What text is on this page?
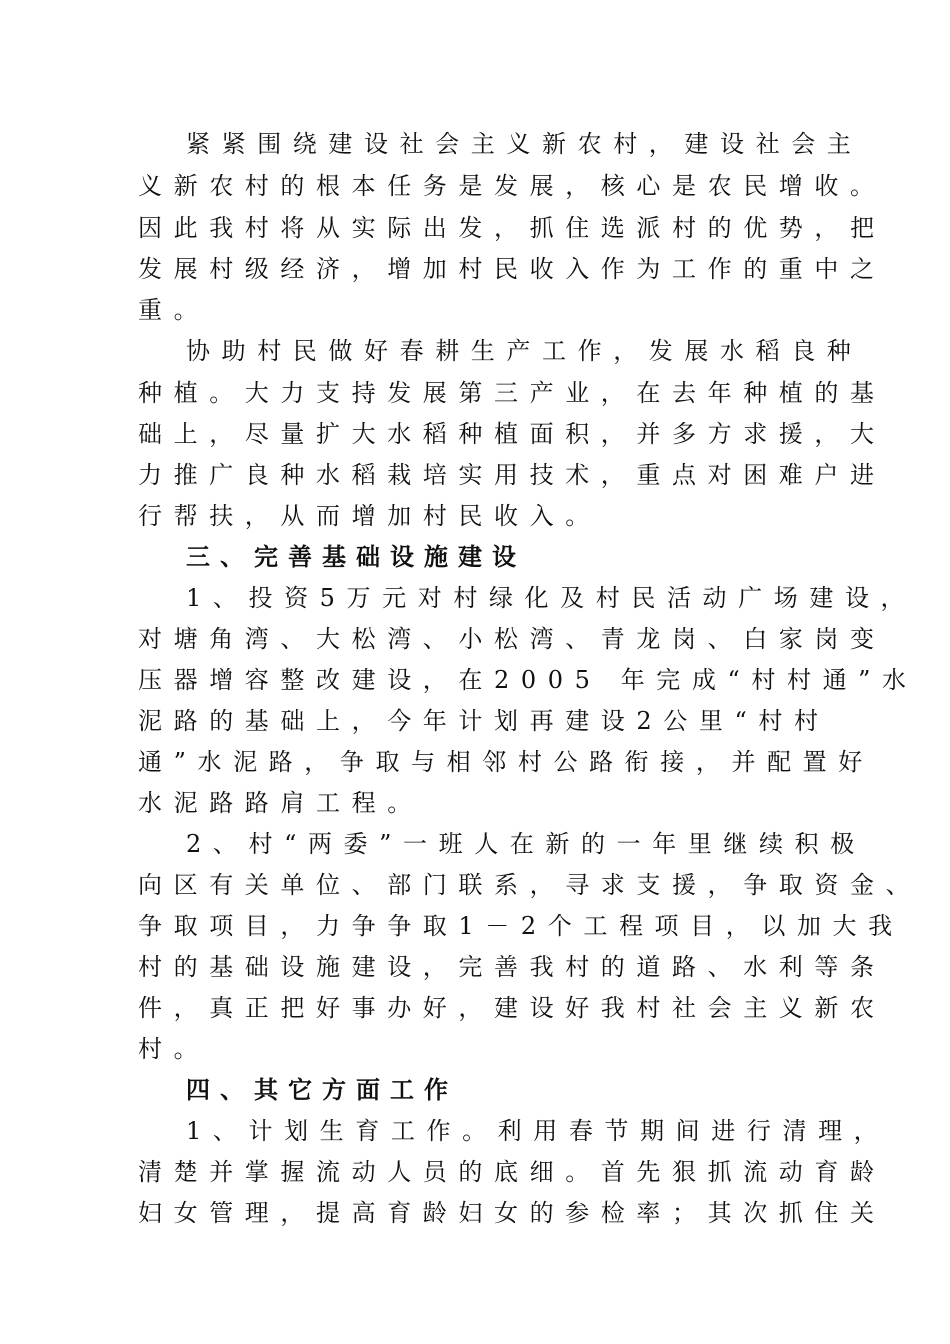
紧紧围绕建设社会主义新农村，建设社会主
义新农村的根本任务是发展，核心是农民增收。
因此我村将从实际出发，抓住选派村的优势，把
发展村级经济，增加村民收入作为工作的重中之
重。
协助村民做好春耕生产工作，发展水稻良种
种植。大力支持发展第三产业，在去年种植的基
础上，尽量扩大水稻种植面积，并多方求援，大
力推广良种水稻栽培实用技术，重点对困难户进
行帮扶，从而增加村民收入。
三、完善基础设施建设
1、投资5万元对村绿化及村民活动广场建设，
对塘角湾、大松湾、小松湾、青龙岗、白家岗变
压器增容整改建设，在2005 年完成“村村通”水
泥路的基础上，今年计划再建设2公里“村村
通”水泥路，争取与相邻村公路衔接，并配置好
水泥路路肩工程。
2、村“两委”一班人在新的一年里继续积极
向区有关单位、部门联系，寻求支援，争取资金、
争取项目，力争争取1－2个工程项目，以加大我
村的基础设施建设，完善我村的道路、水利等条
件，真正把好事办好，建设好我村社会主义新农
村。
四、其它方面工作
1、计划生育工作。利用春节期间进行清理，
清楚并掌握流动人员的底细。首先狠抓流动育龄
妇女管理，提高育龄妇女的参检率；其次抓住关
